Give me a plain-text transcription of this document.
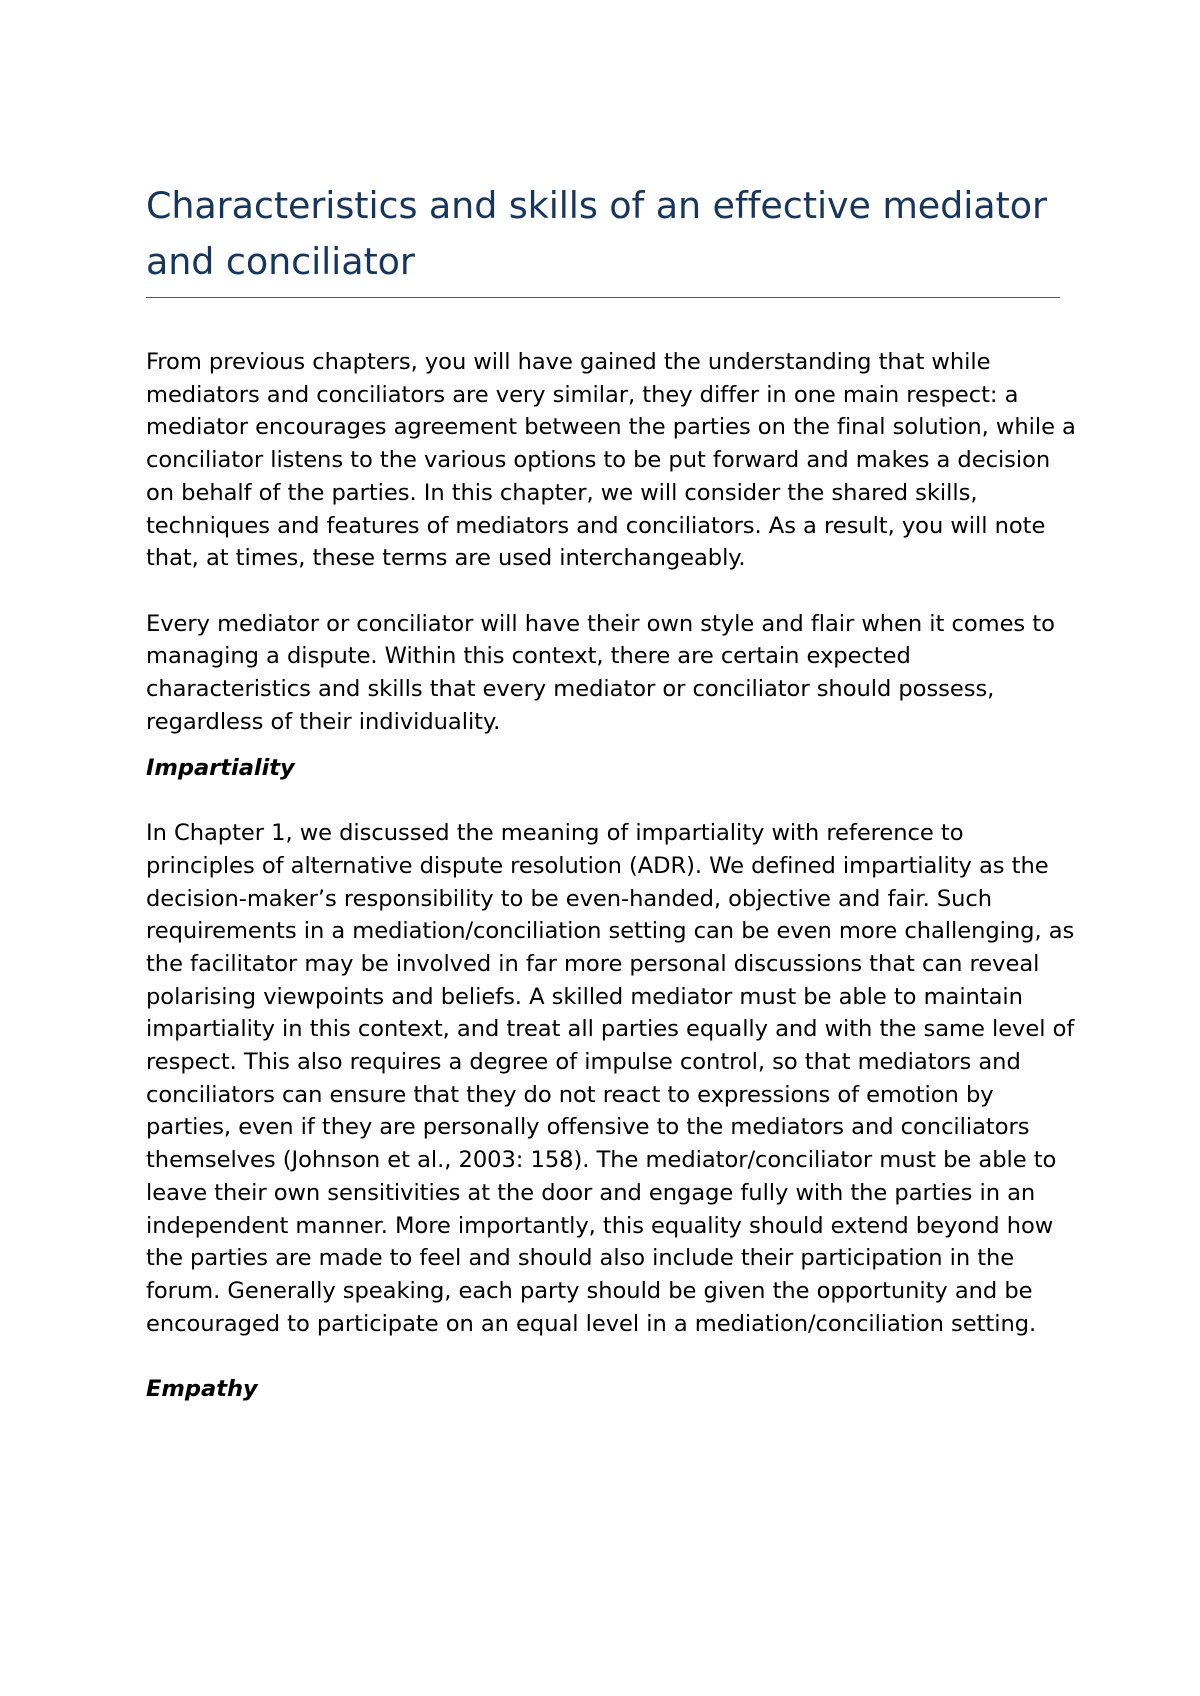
Characteristics and skills of an effective mediator and conciliator

From previous chapters, you will have gained the understanding that while mediators and conciliators are very similar, they differ in one main respect: a mediator encourages agreement between the parties on the final solution, while a conciliator listens to the various options to be put forward and makes a decision on behalf of the parties. In this chapter, we will consider the shared skills, techniques and features of mediators and conciliators. As a result, you will note that, at times, these terms are used interchangeably.

Every mediator or conciliator will have their own style and flair when it comes to managing a dispute. Within this context, there are certain expected characteristics and skills that every mediator or conciliator should possess, regardless of their individuality.

Impartiality

In Chapter 1, we discussed the meaning of impartiality with reference to principles of alternative dispute resolution (ADR). We defined impartiality as the decision-maker’s responsibility to be even-handed, objective and fair. Such requirements in a mediation/conciliation setting can be even more challenging, as the facilitator may be involved in far more personal discussions that can reveal polarising viewpoints and beliefs. A skilled mediator must be able to maintain impartiality in this context, and treat all parties equally and with the same level of respect. This also requires a degree of impulse control, so that mediators and conciliators can ensure that they do not react to expressions of emotion by parties, even if they are personally offensive to the mediators and conciliators themselves (Johnson et al., 2003: 158). The mediator/conciliator must be able to leave their own sensitivities at the door and engage fully with the parties in an independent manner. More importantly, this equality should extend beyond how the parties are made to feel and should also include their participation in the forum. Generally speaking, each party should be given the opportunity and be encouraged to participate on an equal level in a mediation/conciliation setting.

Empathy
